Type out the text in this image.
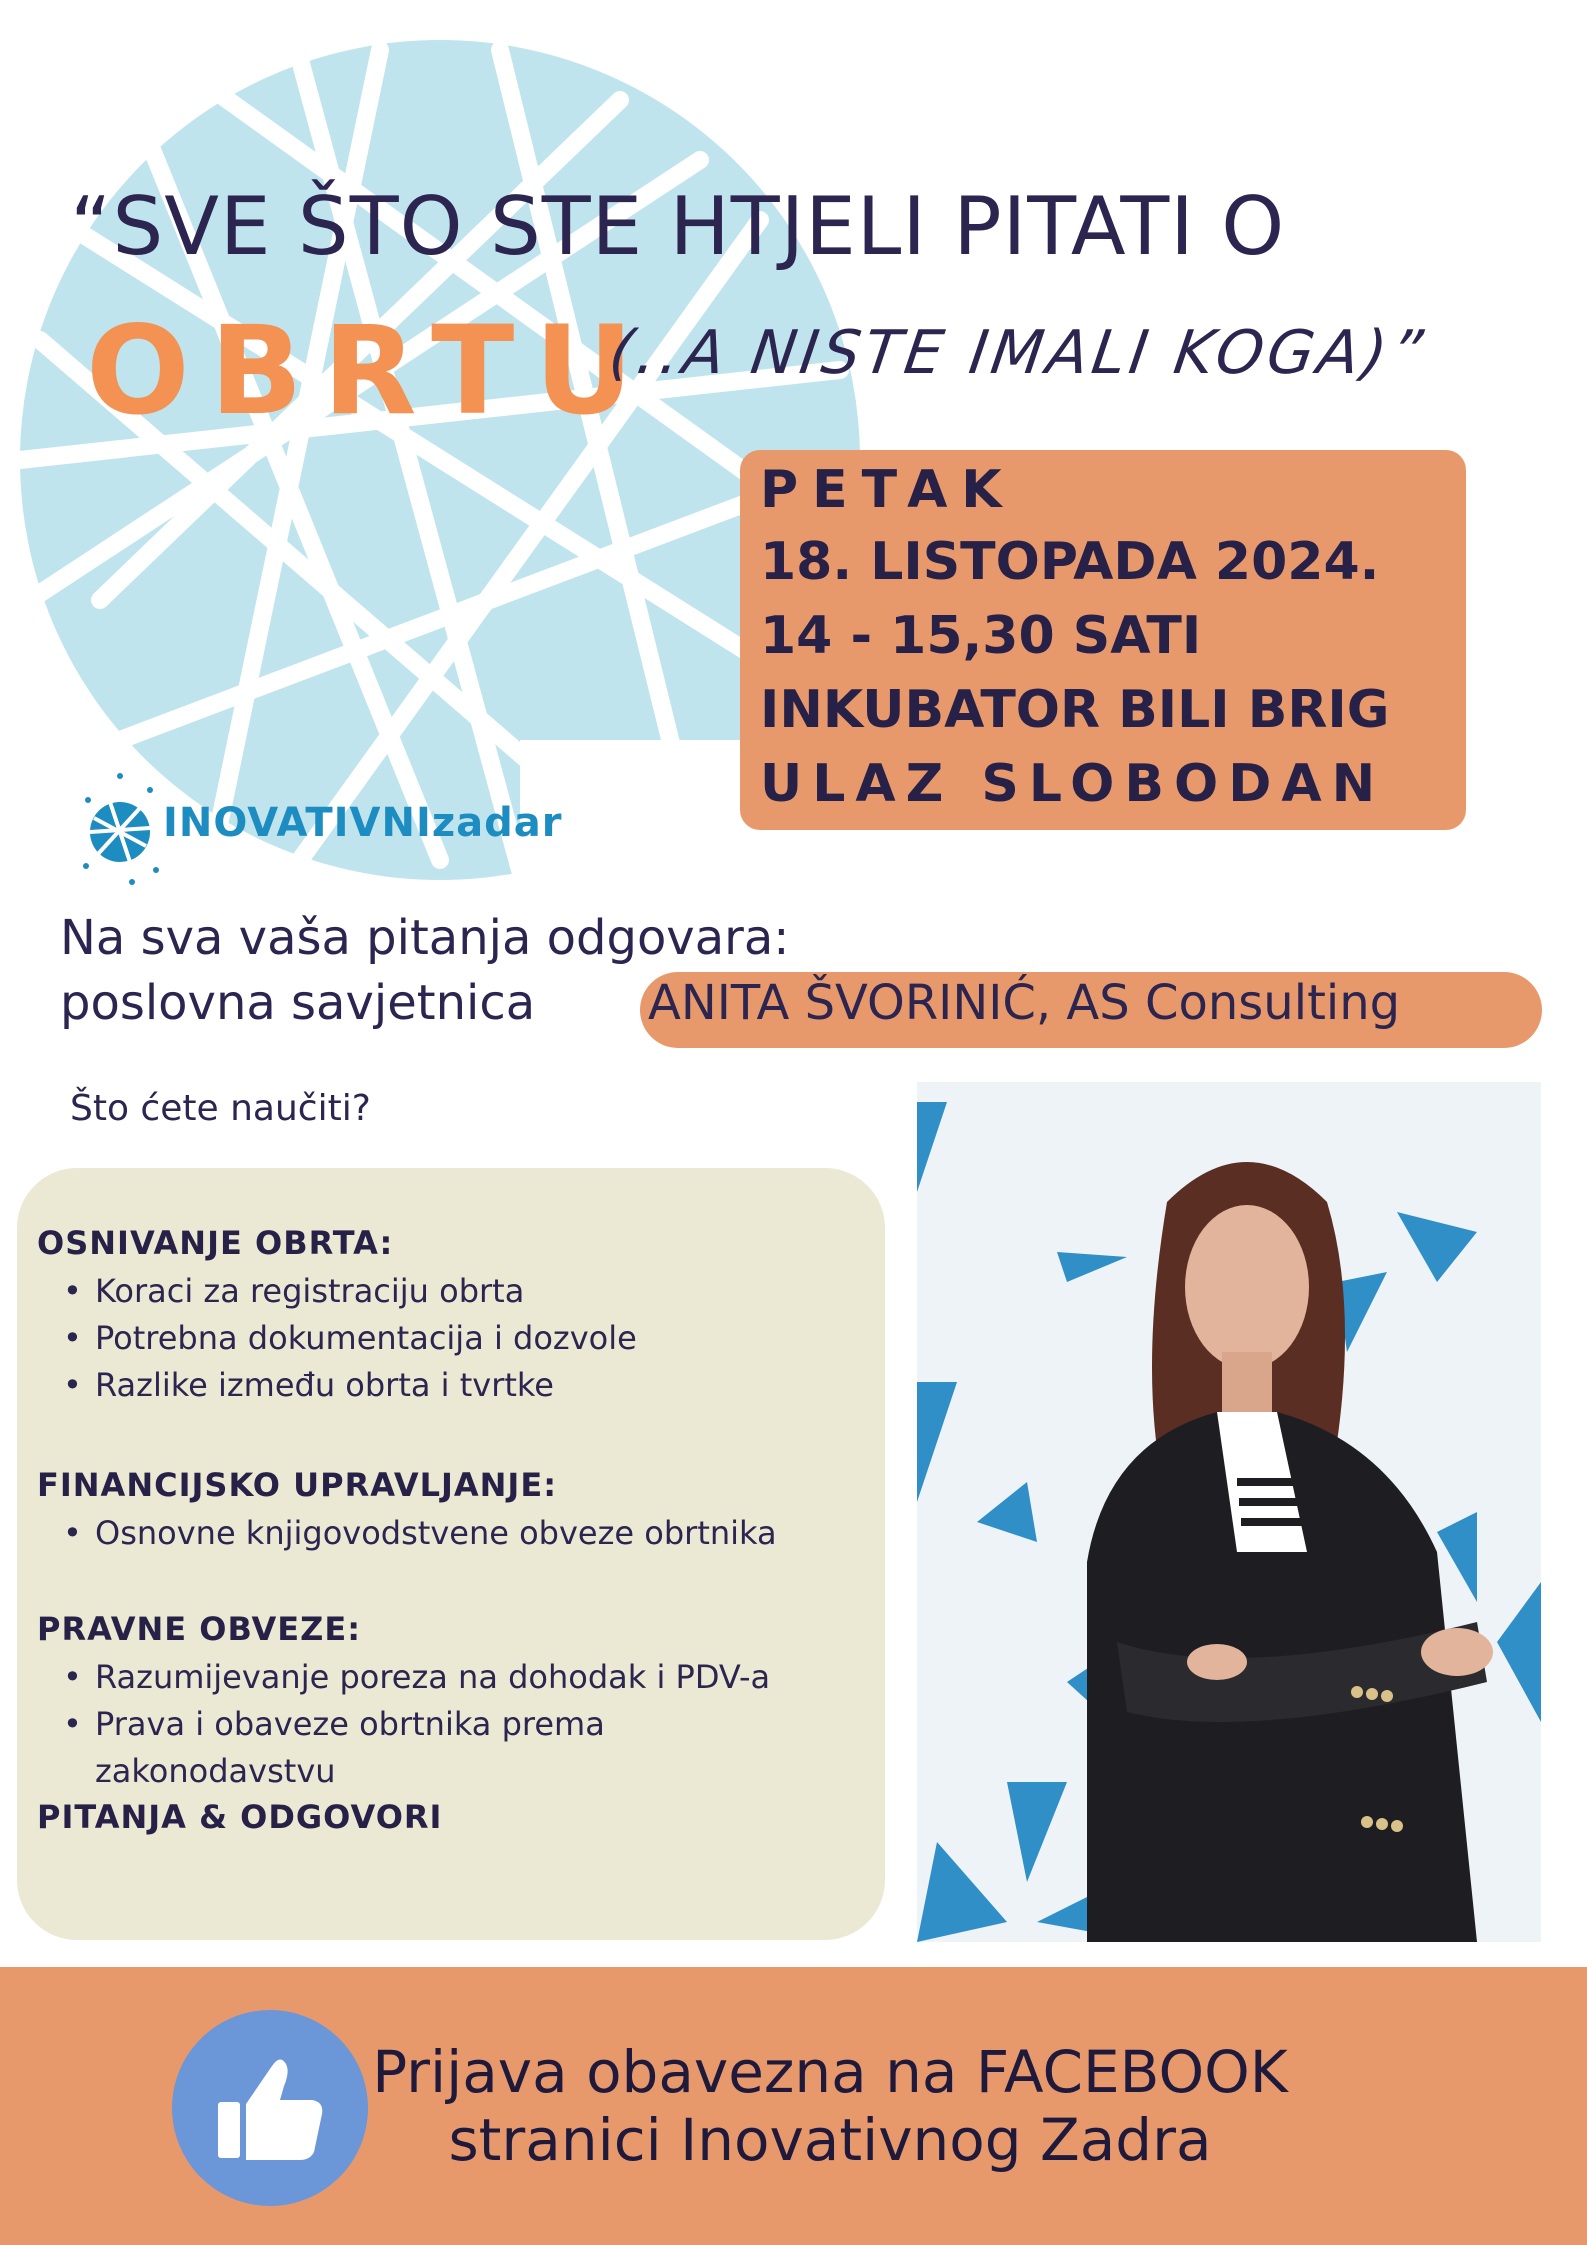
“SVE ŠTO STE HTJELI PITATI O
OBRTU
(..A NISTE IMALI KOGA)”
PETAK
18. LISTOPADA 2024.
14 - 15,30 SATI
INKUBATOR BILI BRIG
ULAZ SLOBODAN
INOVATIVNIzadar
Na sva vaša pitanja odgovara:
poslovna savjetnica ANITA ŠVORINIĆ, AS Consulting
Što ćete naučiti?
OSNIVANJE OBRTA:
• Koraci za registraciju obrta
• Potrebna dokumentacija i dozvole
• Razlike između obrta i tvrtke
FINANCIJSKO UPRAVLJANJE:
• Osnovne knjigovodstvene obveze obrtnika
PRAVNE OBVEZE:
• Razumijevanje poreza na dohodak i PDV-a
• Prava i obaveze obrtnika prema
zakonodavstvu
PITANJA & ODGOVORI
Prijava obavezna na FACEBOOK
stranici Inovativnog Zadra
